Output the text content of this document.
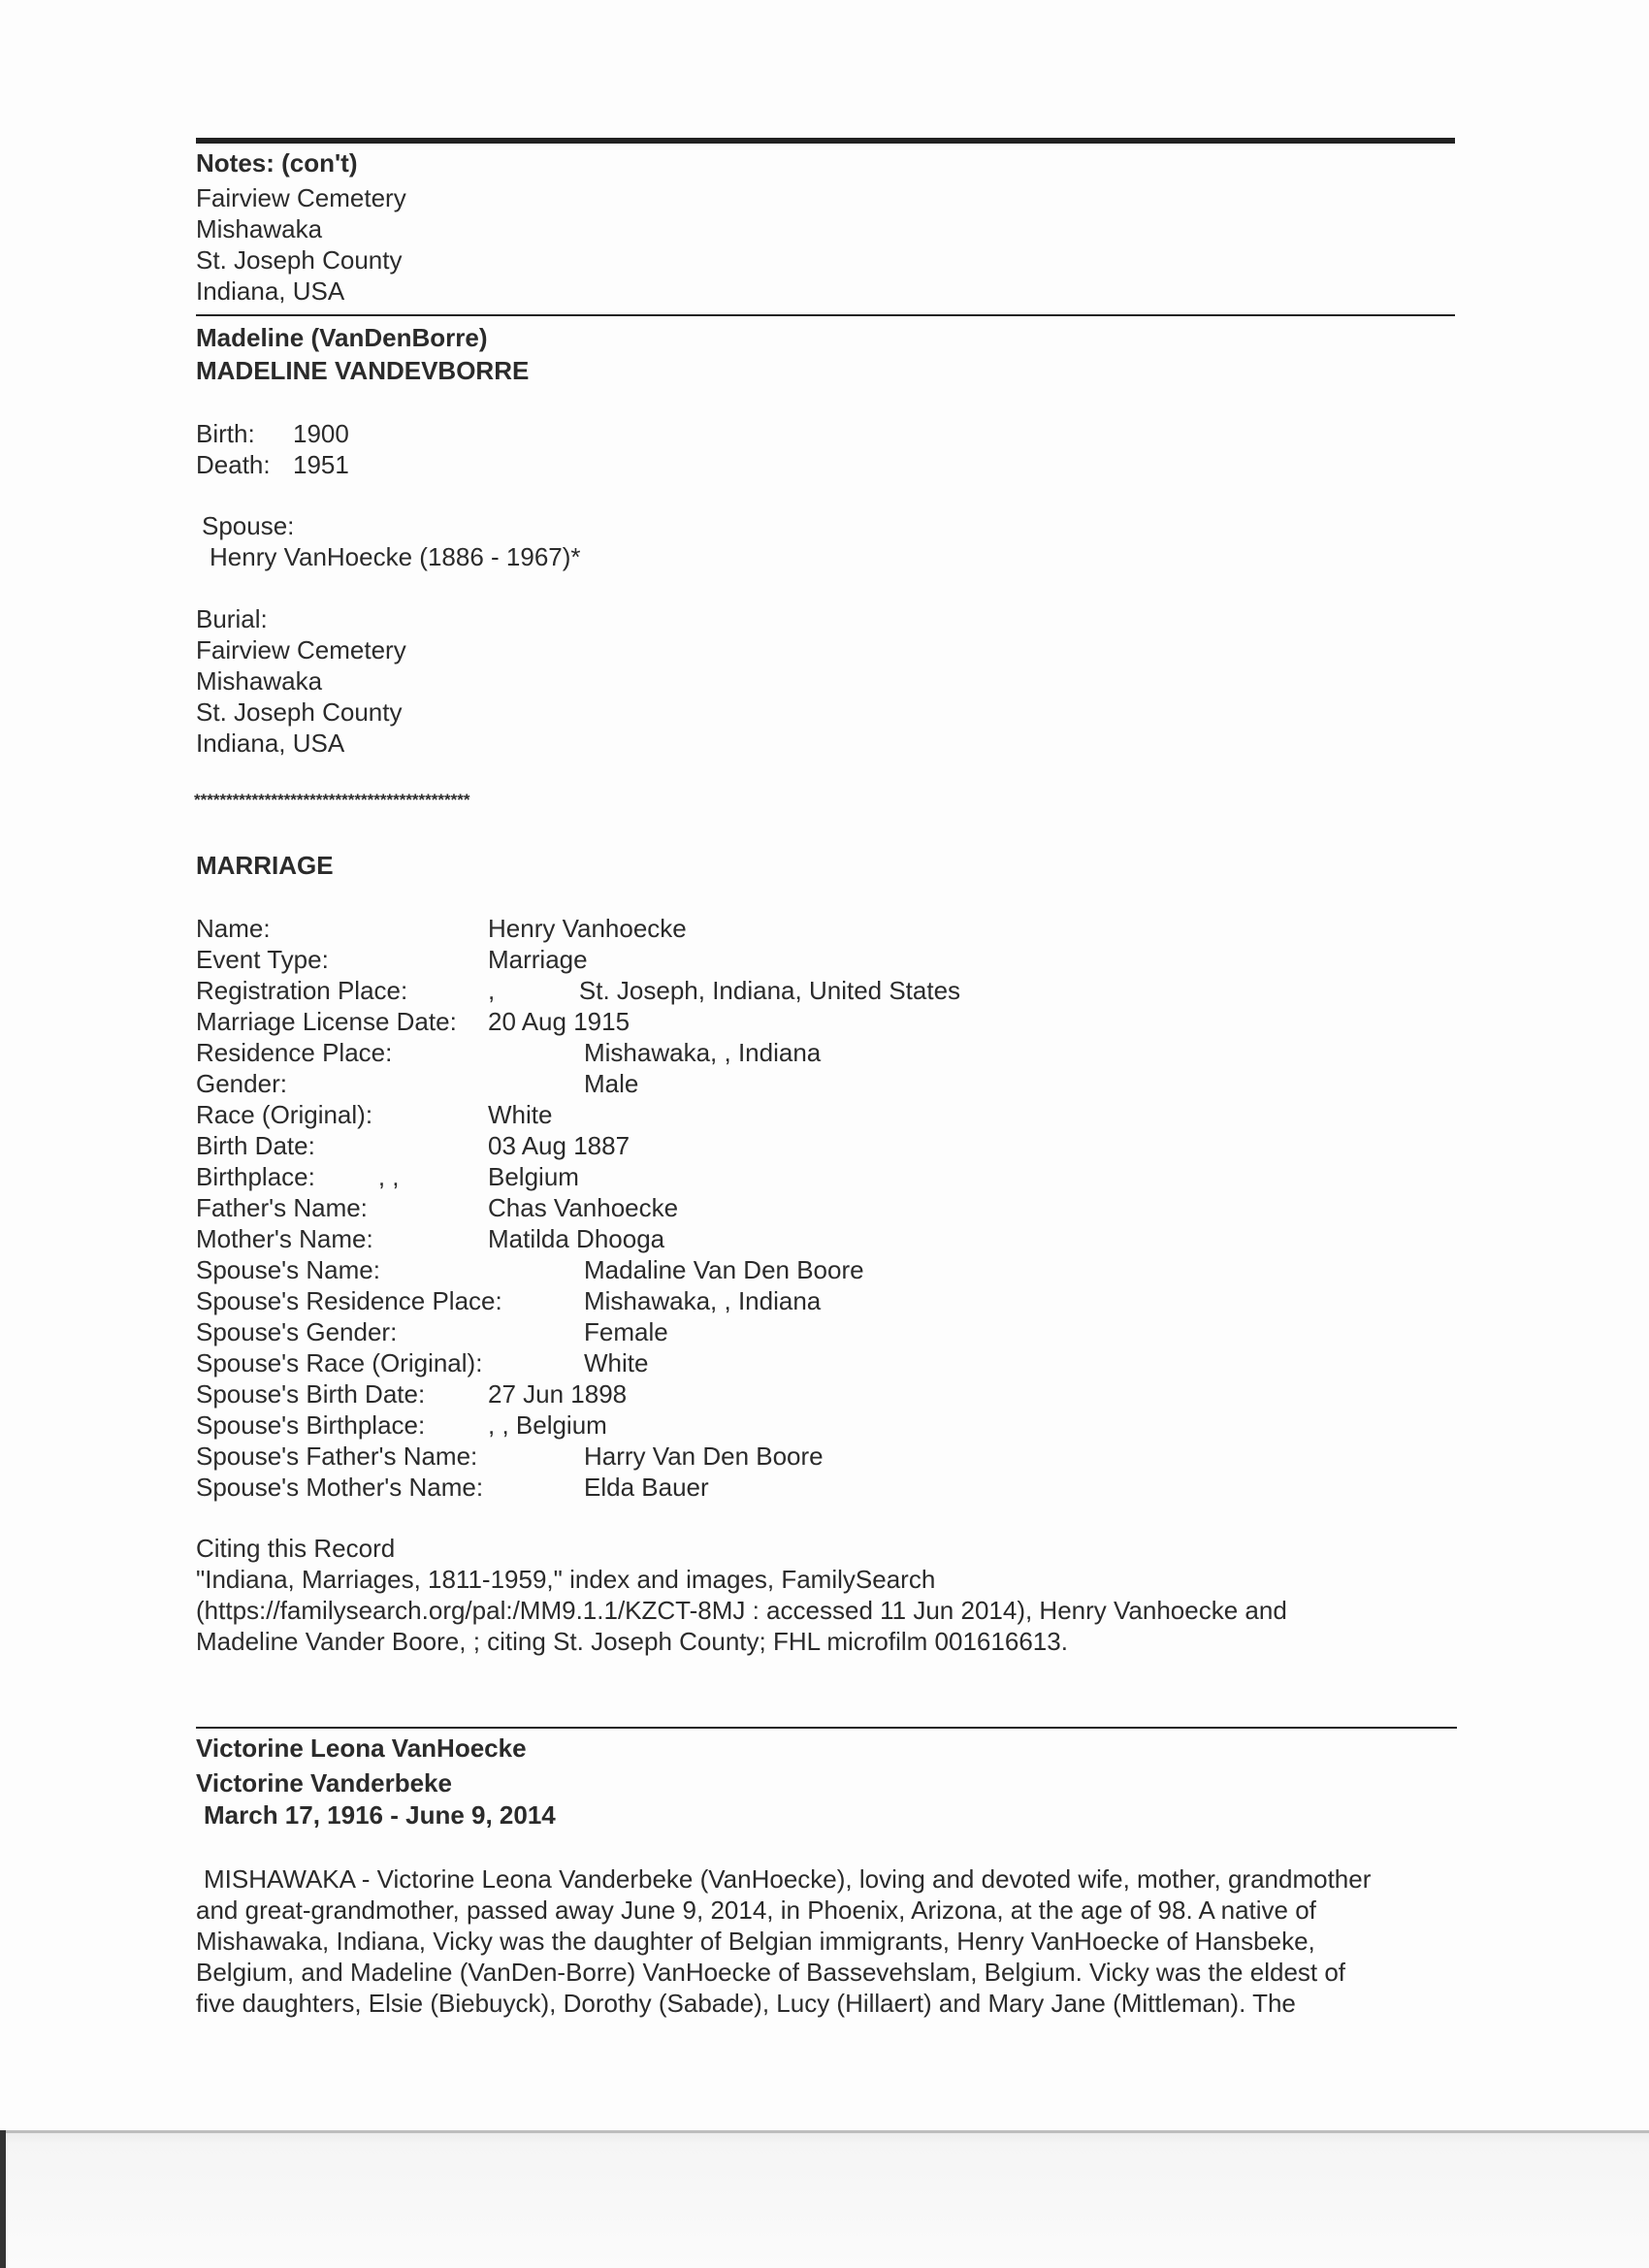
Notes: (con't)
Fairview Cemetery
Mishawaka
St. Joseph County
Indiana, USA
Madeline (VanDenBorre)
MADELINE VANDEVBORRE
Birth: 1900
Death: 1951
Spouse:
Henry VanHoecke (1886 - 1967)*
Burial:
Fairview Cemetery
Mishawaka
St. Joseph County
Indiana, USA
*******************************************
MARRIAGE
Name:	Henry Vanhoecke
Event Type:	Marriage
Registration Place:	,            St. Joseph, Indiana, United States
Marriage License Date: 20 Aug 1915
Residence Place:	Mishawaka, , Indiana
Gender:	Male
Race (Original):	White
Birth Date:	03 Aug 1887
Birthplace:         , ,	Belgium
Father's Name:	Chas Vanhoecke
Mother's Name:	Matilda Dhooga
Spouse's Name:	Madaline Van Den Boore
Spouse's Residence Place:	Mishawaka, , Indiana
Spouse's Gender:	Female
Spouse's Race (Original):	White
Spouse's Birth Date: 27 Jun 1898
Spouse's Birthplace: , , Belgium
Spouse's Father's Name:	Harry Van Den Boore
Spouse's Mother's Name:	Elda Bauer
Citing this Record
"Indiana, Marriages, 1811-1959," index and images, FamilySearch
(https://familysearch.org/pal:/MM9.1.1/KZCT-8MJ : accessed 11 Jun 2014), Henry Vanhoecke and
Madeline Vander Boore, ; citing St. Joseph County; FHL microfilm 001616613.
Victorine Leona VanHoecke
Victorine Vanderbeke
March 17, 1916 - June 9, 2014
MISHAWAKA - Victorine Leona Vanderbeke (VanHoecke), loving and devoted wife, mother, grandmother
and great-grandmother, passed away June 9, 2014, in Phoenix, Arizona, at the age of 98. A native of
Mishawaka, Indiana, Vicky was the daughter of Belgian immigrants, Henry VanHoecke of Hansbeke,
Belgium, and Madeline (VanDen-Borre) VanHoecke of Bassevehslam, Belgium. Vicky was the eldest of
five daughters, Elsie (Biebuyck), Dorothy (Sabade), Lucy (Hillaert) and Mary Jane (Mittleman). The
